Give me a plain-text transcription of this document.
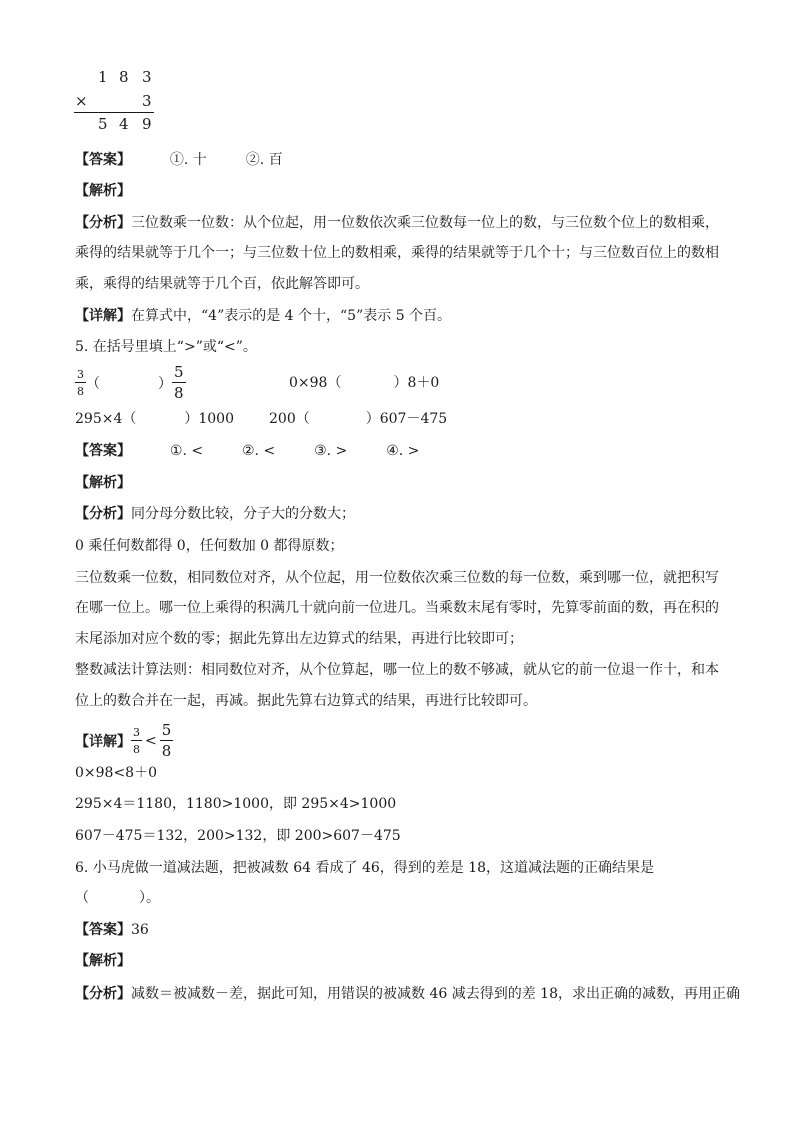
1 8 3
×	3
5 4 9
【答案】	①. 十	②. 百
【解析】
【分析】三位数乘一位数：从个位起，用一位数依次乘三位数每一位上的数，与三位数个位上的数相乘，
乘得的结果就等于几个一；与三位数十位上的数相乘，乘得的结果就等于几个十；与三位数百位上的数相
乘，乘得的结果就等于几个百，依此解答即可。
【详解】在算式中，“4”表示的是 4 个十，“5”表示 5 个百。
5. 在括号里填上“>”或“<”。
$\frac{3}{8}$ （	） $\frac{5}{8}$	0×98（	）8＋0
295×4（	）1000	200（	）607－475
【答案】	①. <	②. <	③. >	④. >
【解析】
【分析】同分母分数比较，分子大的分数大；
0 乘任何数都得 0，任何数加 0 都得原数；
三位数乘一位数，相同数位对齐，从个位起，用一位数依次乘三位数的每一位数，乘到哪一位，就把积写
在哪一位上。哪一位上乘得的积满几十就向前一位进几。当乘数末尾有零时，先算零前面的数，再在积的
末尾添加对应个数的零；据此先算出左边算式的结果，再进行比较即可；
整数减法计算法则：相同数位对齐，从个位算起，哪一位上的数不够减，就从它的前一位退一作十，和本
位上的数合并在一起，再减。据此先算右边算式的结果，再进行比较即可。
【详解】 $\frac{3}{8} < \frac{5}{8}$
0×98<8＋0
295×4＝1180，1180>1000，即 295×4>1000
607－475＝132，200>132，即 200>607－475
6. 小马虎做一道减法题，把被减数 64 看成了 46，得到的差是 18，这道减法题的正确结果是
（	）。
【答案】36
【解析】
【分析】减数＝被减数－差，据此可知，用错误的被减数 46 减去得到的差 18，求出正确的减数，再用正确
